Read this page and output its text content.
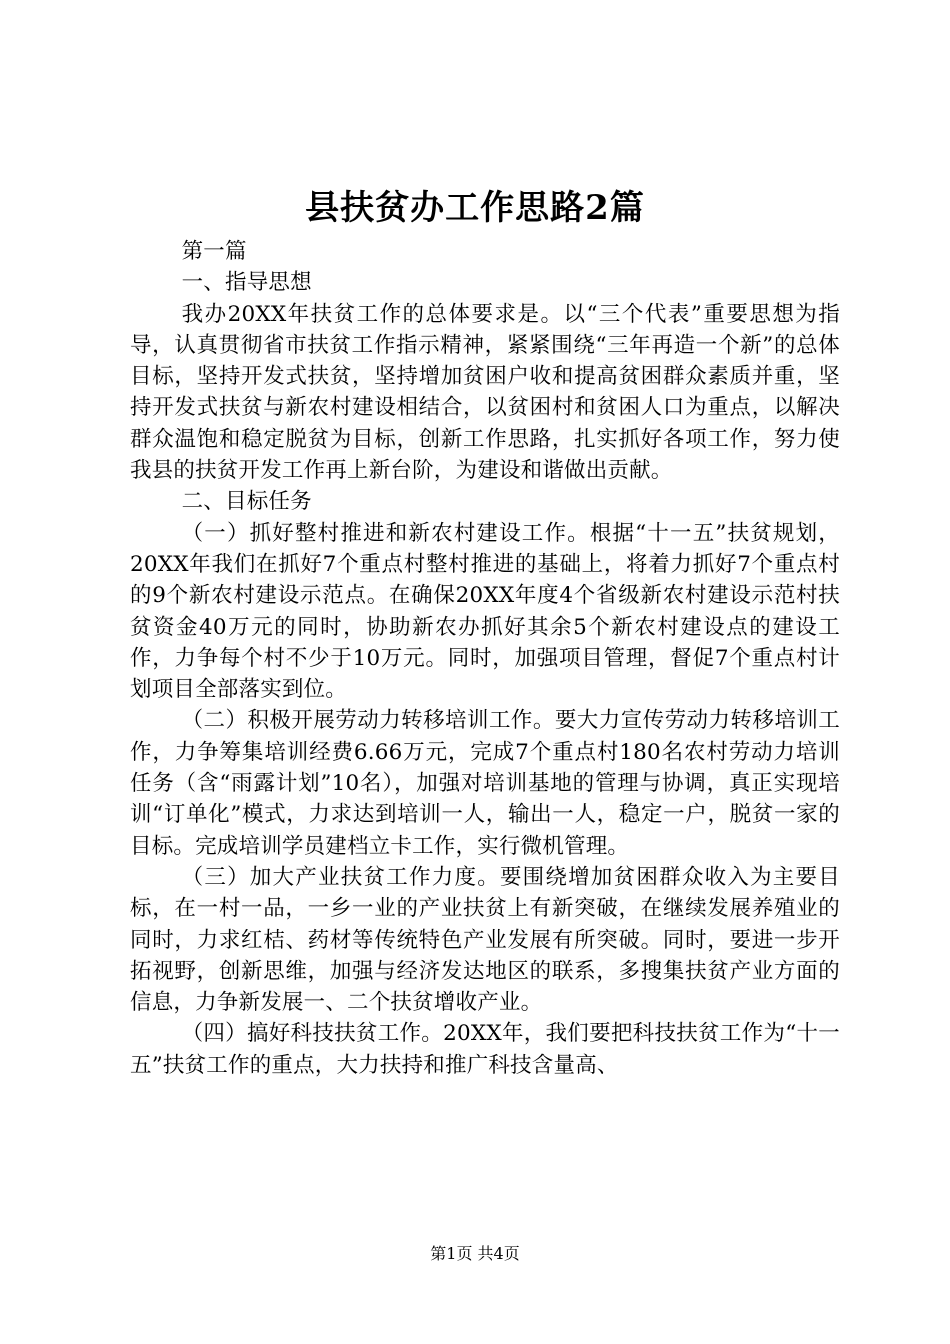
县扶贫办工作思路2篇

第一篇

一、指导思想

我办20XX年扶贫工作的总体要求是。以“三个代表”重要思想为指导，认真贯彻省市扶贫工作指示精神，紧紧围绕“三年再造一个新”的总体目标，坚持开发式扶贫，坚持增加贫困户收和提高贫困群众素质并重，坚持开发式扶贫与新农村建设相结合，以贫困村和贫困人口为重点，以解决群众温饱和稳定脱贫为目标，创新工作思路，扎实抓好各项工作，努力使我县的扶贫开发工作再上新台阶，为建设和谐做出贡献。

二、目标任务

（一）抓好整村推进和新农村建设工作。根据“十一五”扶贫规划，20XX年我们在抓好7个重点村整村推进的基础上，将着力抓好7个重点村的9个新农村建设示范点。在确保20XX年度4个省级新农村建设示范村扶贫资金40万元的同时，协助新农办抓好其余5个新农村建设点的建设工作，力争每个村不少于10万元。同时，加强项目管理，督促7个重点村计划项目全部落实到位。

（二）积极开展劳动力转移培训工作。要大力宣传劳动力转移培训工作，力争筹集培训经费6.66万元，完成7个重点村180名农村劳动力培训任务（含“雨露计划”10名），加强对培训基地的管理与协调，真正实现培训“订单化”模式，力求达到培训一人，输出一人，稳定一户，脱贫一家的目标。完成培训学员建档立卡工作，实行微机管理。

（三）加大产业扶贫工作力度。要围绕增加贫困群众收入为主要目标，在一村一品，一乡一业的产业扶贫上有新突破，在继续发展养殖业的同时，力求红桔、药材等传统特色产业发展有所突破。同时，要进一步开拓视野，创新思维，加强与经济发达地区的联系，多搜集扶贫产业方面的信息，力争新发展一、二个扶贫增收产业。

（四）搞好科技扶贫工作。20XX年，我们要把科技扶贫工作为“十一五”扶贫工作的重点，大力扶持和推广科技含量高、

第1页 共4页
